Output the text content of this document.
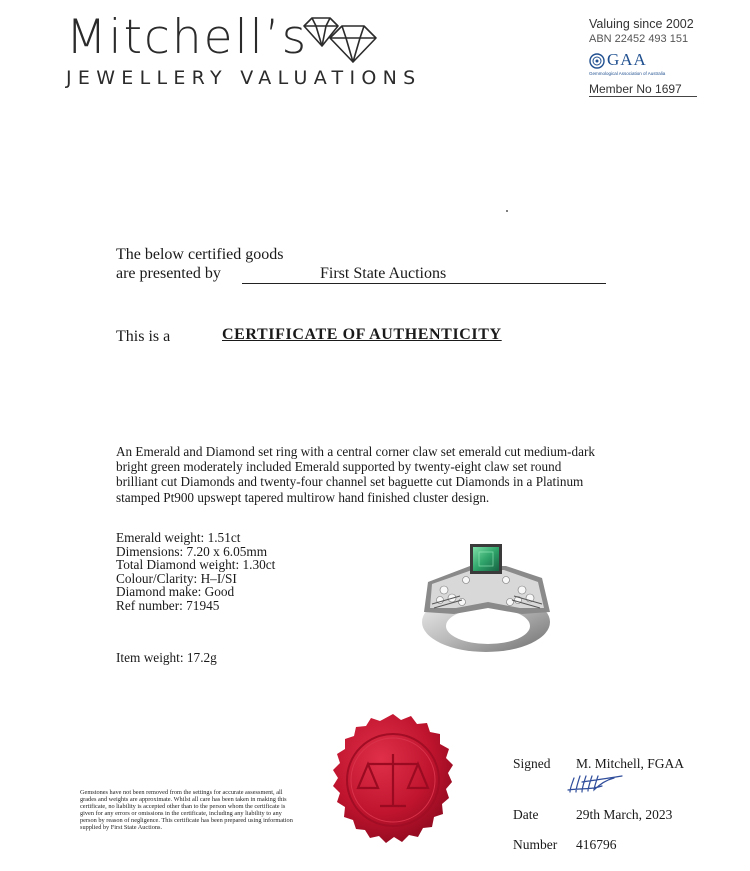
Mitchell’s
JEWELLERY VALUATIONS
Valuing since 2002
ABN 22452 493 151
GAA
Gemmological Association of Australia
Member No 1697
The below certified goods
are presented by	First State Auctions
This is a	CERTIFICATE OF AUTHENTICITY
An Emerald and Diamond set ring with a central corner claw set emerald cut medium-dark bright green moderately included Emerald supported by twenty-eight claw set round brilliant cut Diamonds and twenty-four channel set baguette cut Diamonds in a Platinum stamped Pt900 upswept tapered multirow hand finished cluster design.
Emerald weight: 1.51ct
Dimensions: 7.20 x 6.05mm
Total Diamond weight: 1.30ct
Colour/Clarity: H–I/SI
Diamond make: Good
Ref number: 71945
Item weight: 17.2g
Gemstones have not been removed from the settings for accurate assessment, all grades and weights are approximate. Whilst all care has been taken in making this certificate, no liability is accepted other than to the person whom the certificate is given for any errors or omissions in the certificate, including any liability to any person by reason of negligence. This certificate has been prepared using information supplied by First State Auctions.
Signed M. Mitchell, FGAA
Date	29th March, 2023
Number 416796
